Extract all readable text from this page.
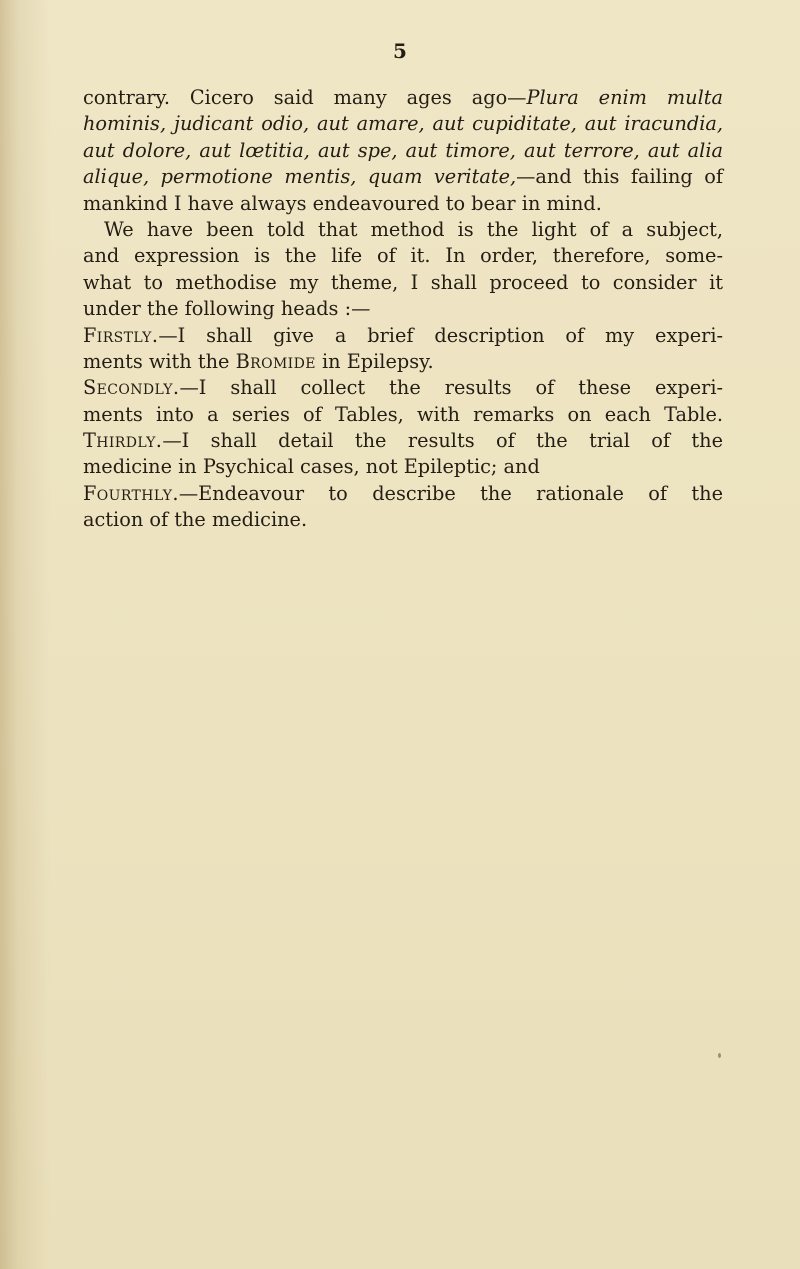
5
contrary. Cicero said many ages ago—Plura enim multa
hominis, judicant odio, aut amare, aut cupiditate, aut iracundia,
aut dolore, aut lœtitia, aut spe, aut timore, aut terrore, aut alia
alique, permotione mentis, quam veritate,—and this failing of
mankind I have always endeavoured to bear in mind.
We have been told that method is the light of a subject,
and expression is the life of it. In order, therefore, some-
what to methodise my theme, I shall proceed to consider it
under the following heads :—
Firstly.—I shall give a brief description of my experi-
ments with the Bromide in Epilepsy.
Secondly.—I shall collect the results of these experi-
ments into a series of Tables, with remarks on each Table.
Thirdly.—I shall detail the results of the trial of the
medicine in Psychical cases, not Epileptic; and
Fourthly.—Endeavour to describe the rationale of the
action of the medicine.
